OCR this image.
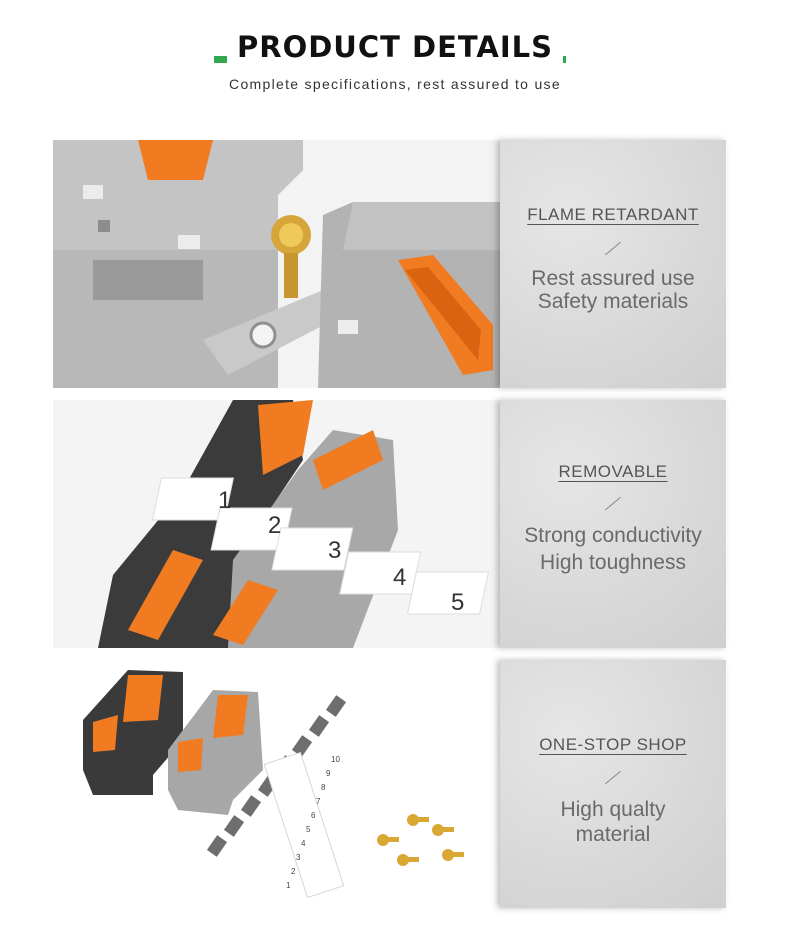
PRODUCT DETAILS
Complete specifications, rest assured to use
FLAME RETARDANT
Rest assured use
Safety materials
1
2
3
4
5
REMOVABLE
Strong conductivity
High toughness
1
2
3
4
5
6
7
8
9
10
ONE-STOP SHOP
High qualty
material
